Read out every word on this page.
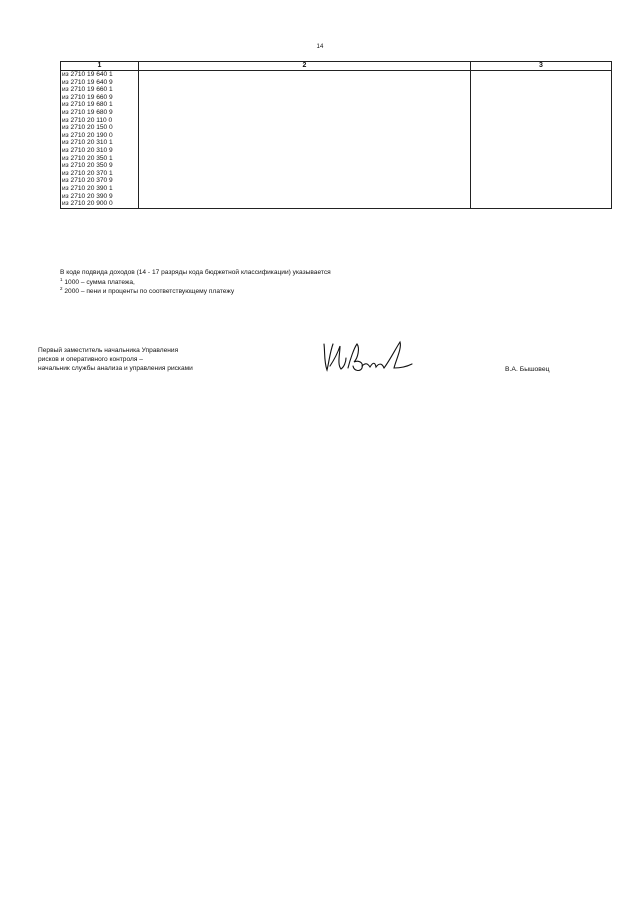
14
1	2	3
из 2710 19 640 1		
из 2710 19 640 9		
из 2710 19 660 1		
из 2710 19 660 9		
из 2710 19 680 1		
из 2710 19 680 9		
из 2710 20 110 0		
из 2710 20 150 0		
из 2710 20 190 0		
из 2710 20 310 1		
из 2710 20 310 9		
из 2710 20 350 1		
из 2710 20 350 9		
из 2710 20 370 1		
из 2710 20 370 9		
из 2710 20 390 1		
из 2710 20 390 9		
из 2710 20 900 0		

В коде подвида доходов (14 - 17 разряды кода бюджетной классификации) указывается

$^1$ 1000 – сумма платежа,

$^2$ 2000 – пени и проценты по соответствующему платежу

Первый заместитель начальника Управления

рисков и оперативного контроля –

начальник службы анализа и управления рисками	В.А. Бышовец
